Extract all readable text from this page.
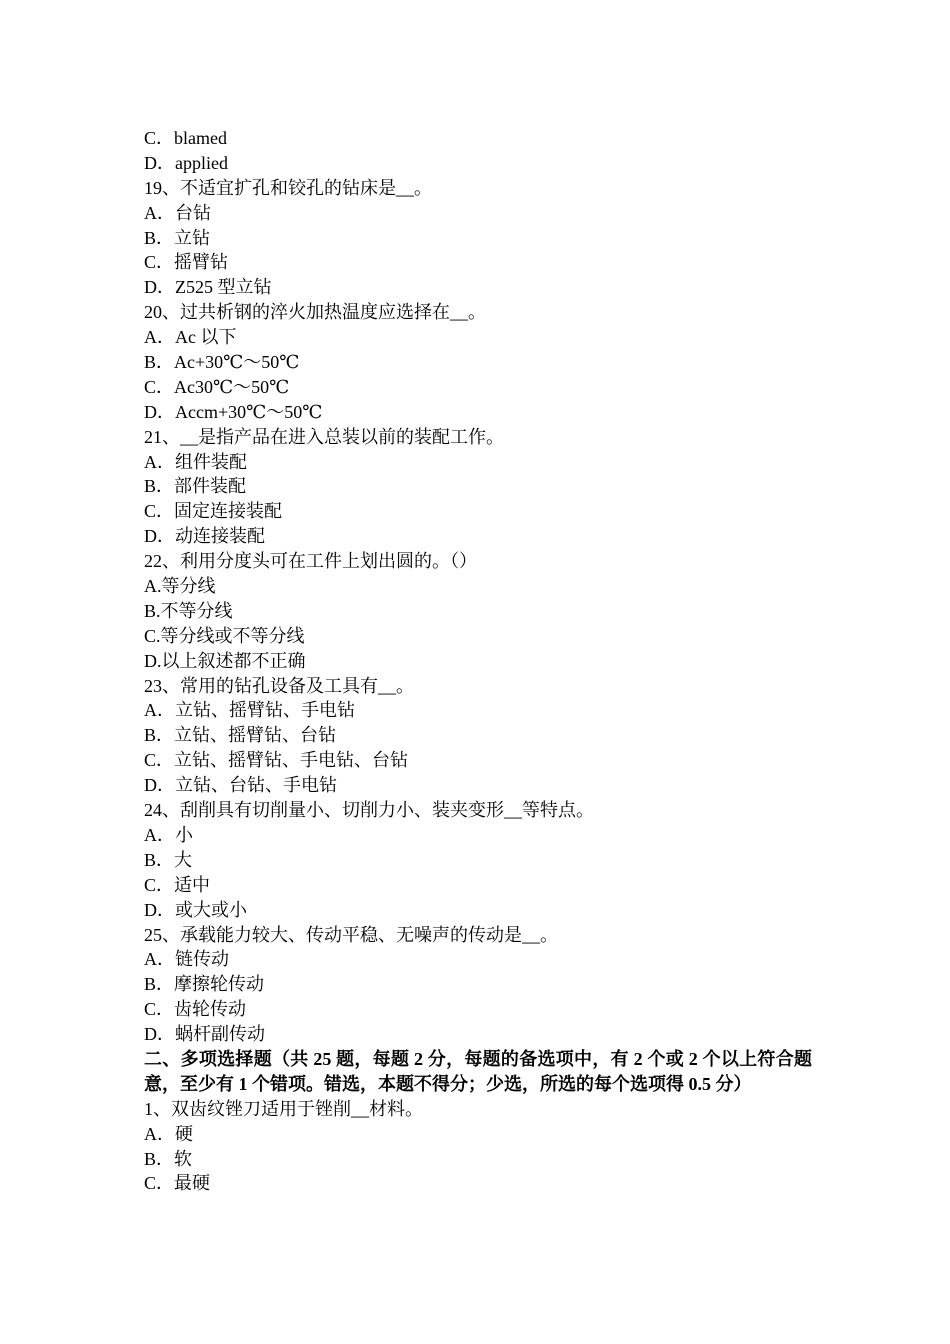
C．blamed
D．applied
19、不适宜扩孔和铰孔的钻床是__。
A．台钻
B．立钻
C．摇臂钻
D．Z525 型立钻
20、过共析钢的淬火加热温度应选择在__。
A．Ac 以下
B．Ac+30℃～50℃
C．Ac30℃～50℃
D．Accm+30℃～50℃
21、__是指产品在进入总装以前的装配工作。
A．组件装配
B．部件装配
C．固定连接装配
D．动连接装配
22、利用分度头可在工件上划出圆的。（）
A.等分线
B.不等分线
C.等分线或不等分线
D.以上叙述都不正确
23、常用的钻孔设备及工具有__。
A．立钻、摇臂钻、手电钻
B．立钻、摇臂钻、台钻
C．立钻、摇臂钻、手电钻、台钻
D．立钻、台钻、手电钻
24、刮削具有切削量小、切削力小、装夹变形__等特点。
A．小
B．大
C．适中
D．或大或小
25、承载能力较大、传动平稳、无噪声的传动是__。
A．链传动
B．摩擦轮传动
C．齿轮传动
D．蜗杆副传动
二、多项选择题（共 25 题，每题 2 分，每题的备选项中，有 2 个或 2 个以上符合题意，至少有 1 个错项。错选，本题不得分；少选，所选的每个选项得 0.5 分）
1、双齿纹锉刀适用于锉削__材料。
A．硬
B．软
C．最硬
